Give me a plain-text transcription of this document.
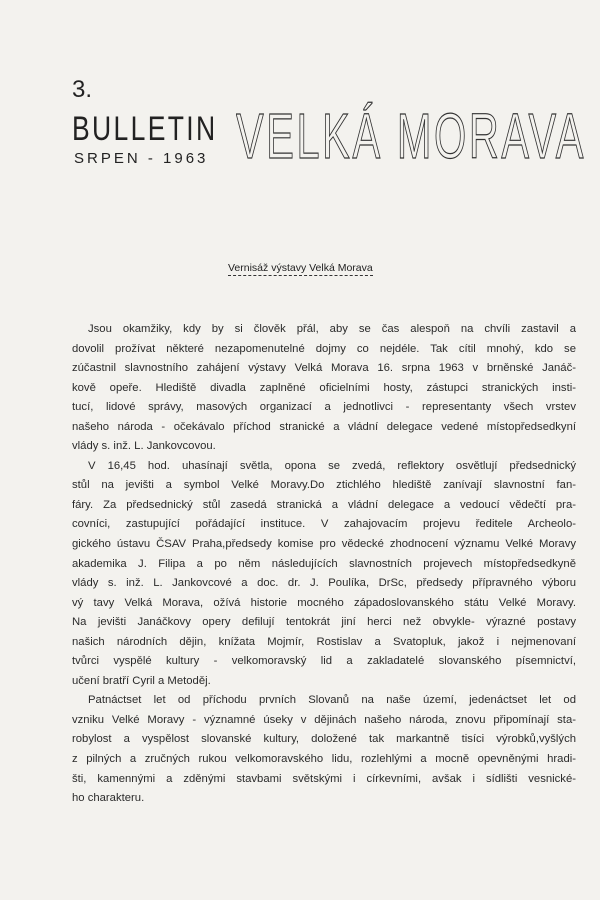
3.
BULLETIN
SRPEN - 1963 VELKÁ MORAVA
Vernisáž výstavy Velká Morava
Jsou okamžiky, kdy by si člověk přál, aby se čas alespoň na chvíli zastavil a
dovolil prožívat některé nezapomenutelné dojmy co nejdéle. Tak cítil mnohý, kdo se
zúčastnil slavnostního zahájení výstavy Velká Morava 16. srpna 1963 v brněnské Janáč-
kově opeře. Hlediště divadla zaplněné oficielními hosty, zástupci stranických insti-
tucí, lidové správy, masových organizací a jednotlivci - representanty všech vrstev
našeho národa - očekávalo příchod stranické a vládní delegace vedené místopředsedkyní
vlády s. inž. L. Jankovcovou.
V 16,45 hod. uhasínají světla, opona se zvedá, reflektory osvětlují předsednický
stůl na jevišti a symbol Velké Moravy.Do ztichlého hlediště zanívají slavnostní fan-
fáry. Za předsednický stůl zasedá stranická a vládní delegace a vedoucí vědečtí pra-
covníci, zastupující pořádající instituce. V zahajovacím projevu ředitele Archeolo-
gického ústavu ČSAV Praha,předsedy komise pro vědecké zhodnocení významu Velké Moravy
akademika J. Filipa a po něm následujících slavnostních projevech místopředsedkyně
vlády s. inž. L. Jankovcové a doc. dr. J. Poulíka, DrSc, předsedy přípravného výboru
vý tavy Velká Morava, ožívá historie mocného západoslovanského státu Velké Moravy.
Na jevišti Janáčkovy opery defilují tentokrát jiní herci než obvykle- výrazné postavy
našich národních dějin, knížata Mojmír, Rostislav a Svatopluk, jakož i nejmenovaní
tvůrci vyspělé kultury - velkomoravský lid a zakladatelé slovanského písemnictví,
učení bratří Cyril a Metoděj.
Patnáctset let od příchodu prvních Slovanů na naše území, jedenáctset let od
vzniku Velké Moravy - významné úseky v dějinách našeho národa, znovu připomínají sta-
robylost a vyspělost slovanské kultury, doložené tak markantně tisíci výrobků,vyšlých
z pilných a zručných rukou velkomoravského lidu, rozlehlými a mocně opevněnými hradi-
šti, kamennými a zděnými stavbami světskými i církevními, avšak i sídlišti vesnické-
ho charakteru.
